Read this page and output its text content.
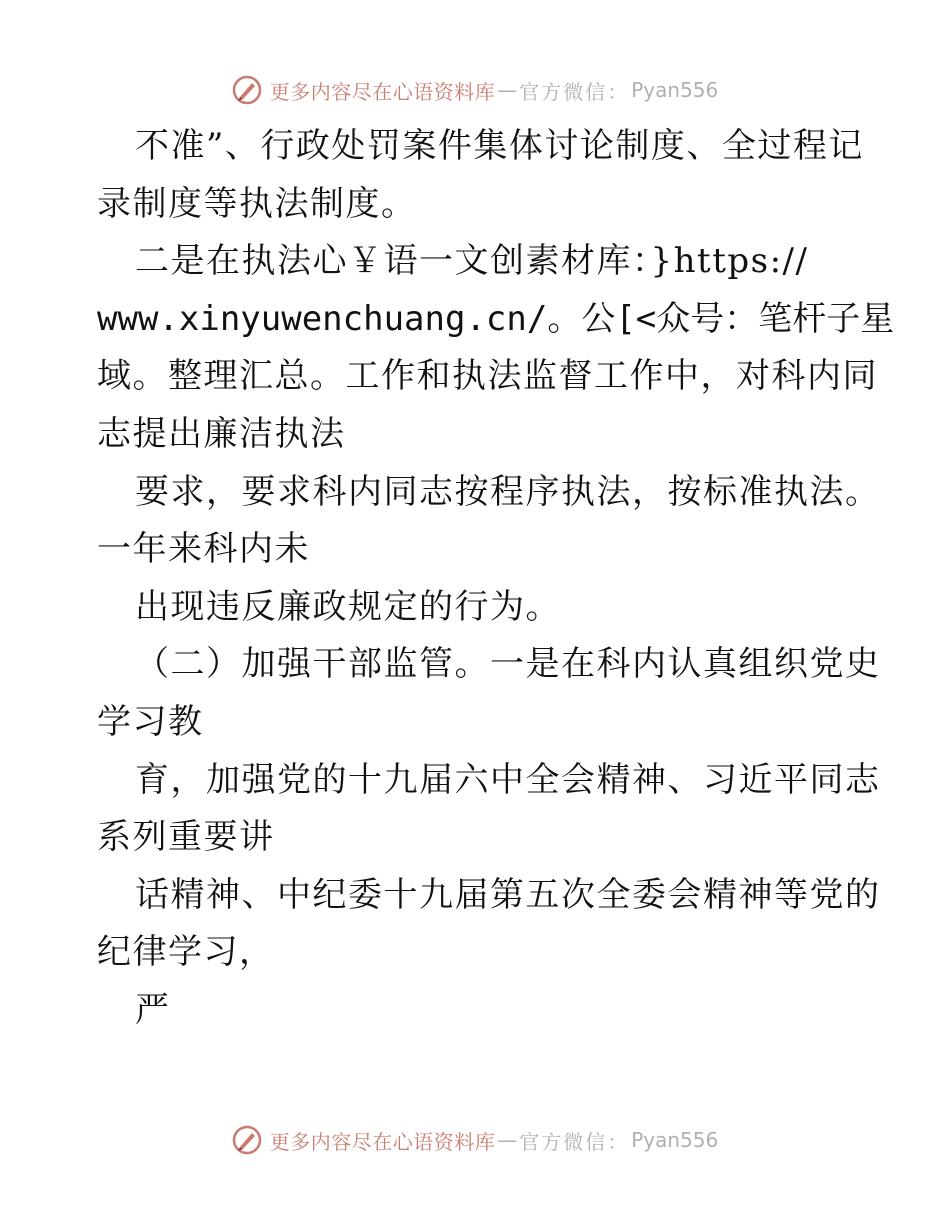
更多内容尽在心语资料库 — 官方微信： Pyan556
不准”、行政处罚案件集体讨论制度、全过程记
录制度等执法制度。
二是在执法心￥语一文创素材库：}https://
www.xinyuwenchuang.cn/。公[<众号：笔杆子星
域。整理汇总。工作和执法监督工作中，对科内同
志提出廉洁执法
要求，要求科内同志按程序执法，按标准执法。
一年来科内未
出现违反廉政规定的行为。
（二）加强干部监管。一是在科内认真组织党史
学习教
育，加强党的十九届六中全会精神、习近平同志
系列重要讲
话精神、中纪委十九届第五次全委会精神等党的
纪律学习，
严
更多内容尽在心语资料库 — 官方微信： Pyan556
